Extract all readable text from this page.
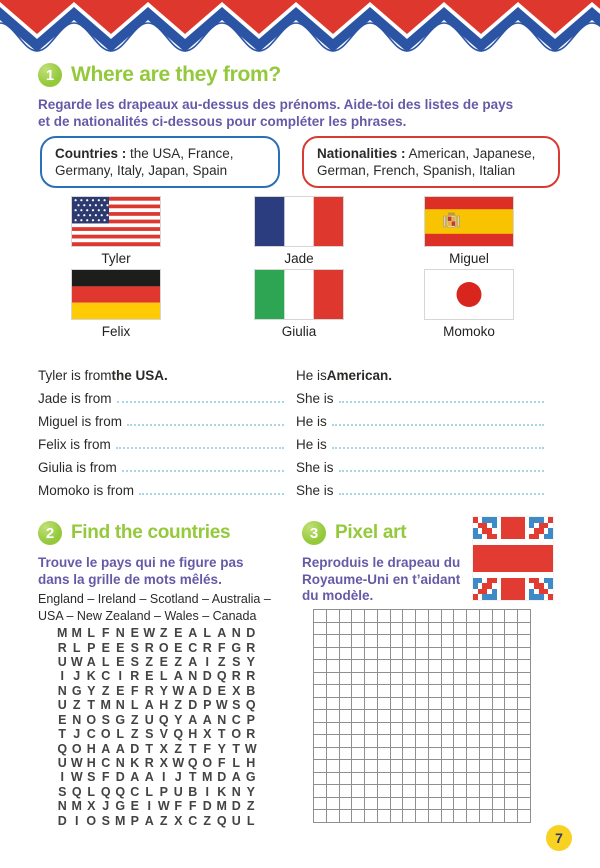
1 Where are they from?
Regarde les drapeaux au-dessus des prénoms. Aide-toi des listes de pays
et de nationalités ci-dessous pour compléter les phrases.
Countries : the USA, France, Germany, Italy, Japan, Spain
Nationalities : American, Japanese, German, French, Spanish, Italian
Tyler	Jade	Miguel
Felix	Giulia	Momoko
Tyler is from the USA.	He is American.
Jade is from	She is
Miguel is from	He is
Felix is from	He is
Giulia is from	She is
Momoko is from	She is
2 Find the countries
Trouve le pays qui ne figure pas
dans la grille de mots mêlés.
England – Ireland – Scotland – Australia –
USA – New Zealand – Wales – Canada
M M L F N E W Z E A L A N D
R L P E E S R O E C R F G R
U W A L E S Z E Z A I Z S Y
I J K C I R E L A N D Q R R
N G Y Z E F R Y W A D E X B
U Z T M N L A H Z D P W S Q
E N O S G Z U Q Y A A N C P
T J C O L Z S V Q H X T O R
Q O H A A D T X Z T F Y T W
U W H C N K R X W Q O F L H
I W S F D A A I J T M D A G
S Q L Q Q C L P U B I K N Y
N M X J G E I W F F D M D Z
D I O S M P A Z X C Z Q U L
3 Pixel art
Reproduis le drapeau du
Royaume-Uni en t’aidant
du modèle.
7
